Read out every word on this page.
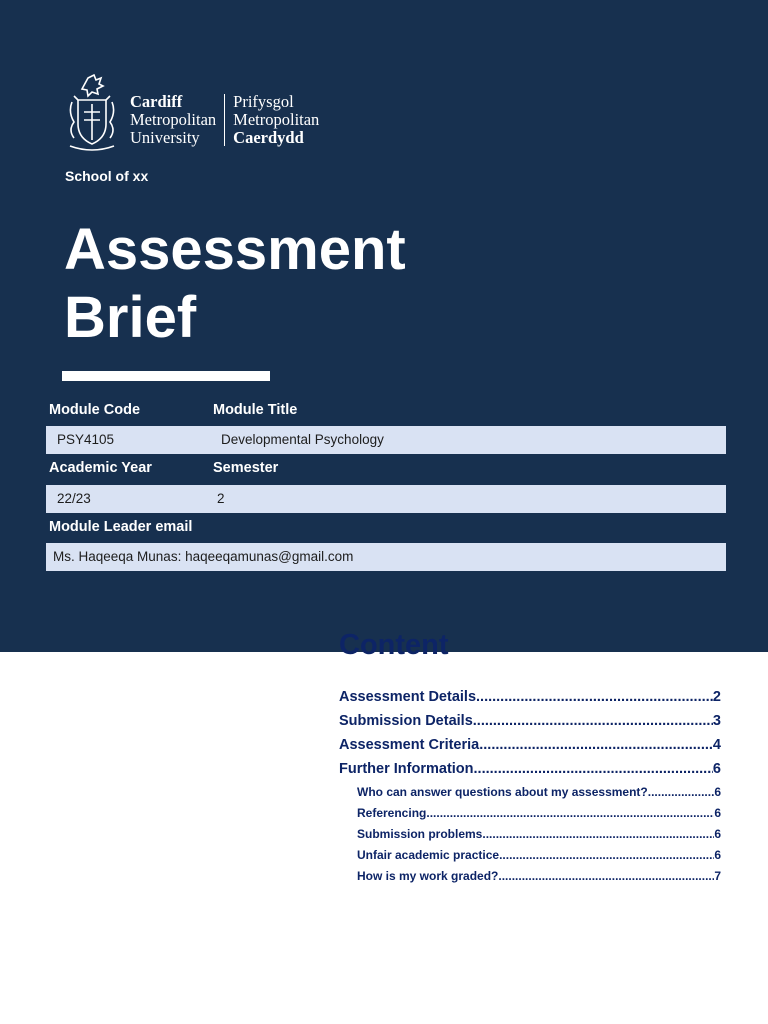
Cardiff
Metropolitan
University
Prifysgol
Metropolitan
Caerdydd
School of xx
Assessment
Brief
Module Code	Module Title
PSY4105	Developmental Psychology
Academic Year	Semester
22/23	2
Module Leader email
Ms. Haqeeqa Munas: haqeeqamunas@gmail.com
Content
Assessment Details .....	2
Submission Details .....	3
Assessment Criteria .....	4
Further Information .....	6
Who can answer questions about my assessment? .....	6
Referencing .....	6
Submission problems .....	6
Unfair academic practice .....	6
How is my work graded? .....	7
